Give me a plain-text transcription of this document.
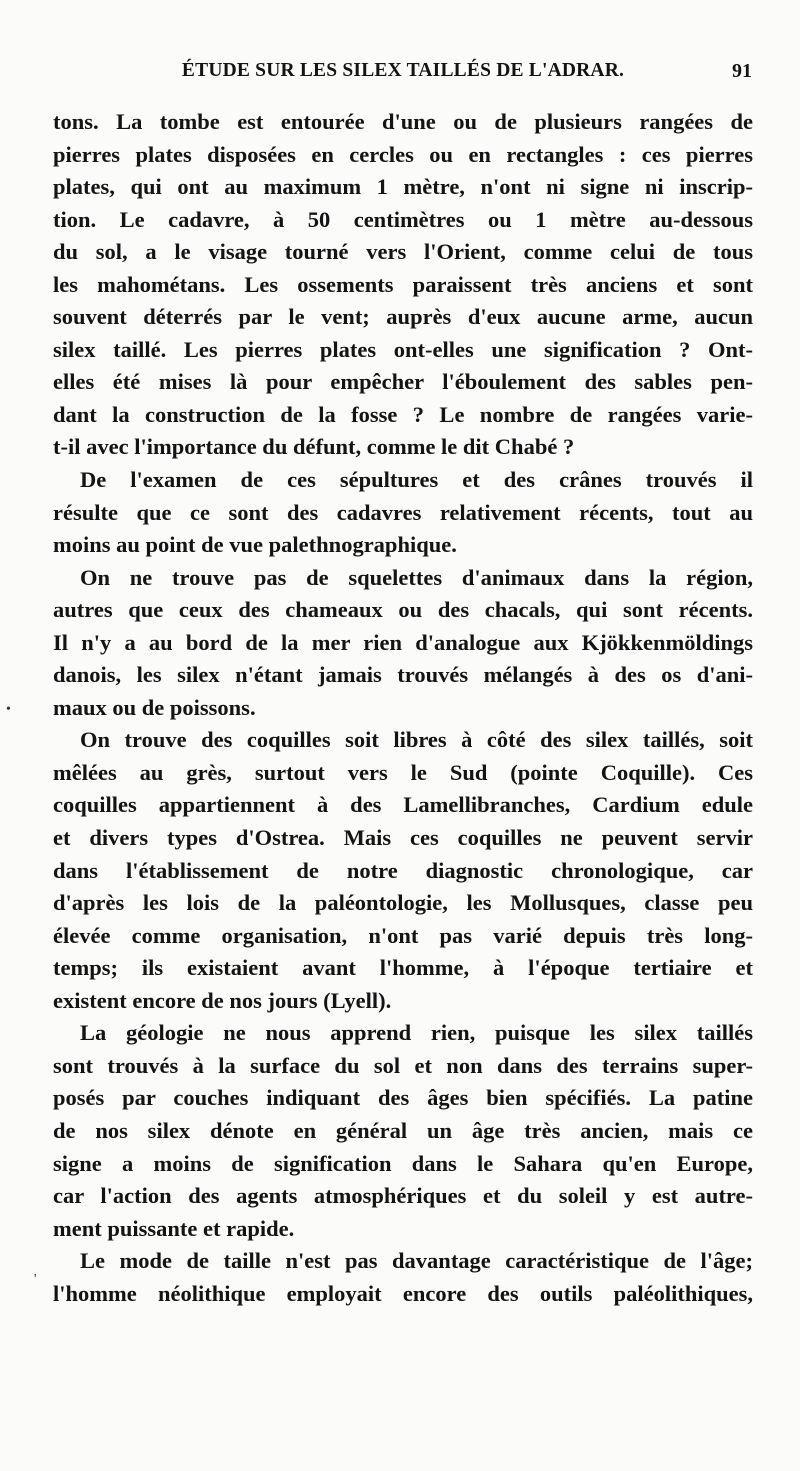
ÉTUDE SUR LES SILEX TAILLÉS DE L'ADRAR.	91
tons. La tombe est entourée d'une ou de plusieurs rangées de
pierres plates disposées en cercles ou en rectangles : ces pierres
plates, qui ont au maximum 1 mètre, n'ont ni signe ni inscrip-
tion. Le cadavre, à 50 centimètres ou 1 mètre au-dessous
du sol, a le visage tourné vers l'Orient, comme celui de tous
les mahométans. Les ossements paraissent très anciens et sont
souvent déterrés par le vent; auprès d'eux aucune arme, aucun
silex taillé. Les pierres plates ont-elles une signification ? Ont-
elles été mises là pour empêcher l'éboulement des sables pen-
dant la construction de la fosse ? Le nombre de rangées varie-
t-il avec l'importance du défunt, comme le dit Chabé ?
De l'examen de ces sépultures et des crânes trouvés il
résulte que ce sont des cadavres relativement récents, tout au
moins au point de vue palethnographique.
On ne trouve pas de squelettes d'animaux dans la région,
autres que ceux des chameaux ou des chacals, qui sont récents.
Il n'y a au bord de la mer rien d'analogue aux Kjökkenmöldings
danois, les silex n'étant jamais trouvés mélangés à des os d'ani-
maux ou de poissons.
On trouve des coquilles soit libres à côté des silex taillés, soit
mêlées au grès, surtout vers le Sud (pointe Coquille). Ces
coquilles appartiennent à des Lamellibranches, Cardium edule
et divers types d'Ostrea. Mais ces coquilles ne peuvent servir
dans l'établissement de notre diagnostic chronologique, car
d'après les lois de la paléontologie, les Mollusques, classe peu
élevée comme organisation, n'ont pas varié depuis très long-
temps; ils existaient avant l'homme, à l'époque tertiaire et
existent encore de nos jours (Lyell).
La géologie ne nous apprend rien, puisque les silex taillés
sont trouvés à la surface du sol et non dans des terrains super-
posés par couches indiquant des âges bien spécifiés. La patine
de nos silex dénote en général un âge très ancien, mais ce
signe a moins de signification dans le Sahara qu'en Europe,
car l'action des agents atmosphériques et du soleil y est autre-
ment puissante et rapide.
Le mode de taille n'est pas davantage caractéristique de l'âge;
l'homme néolithique employait encore des outils paléolithiques,
•
'
